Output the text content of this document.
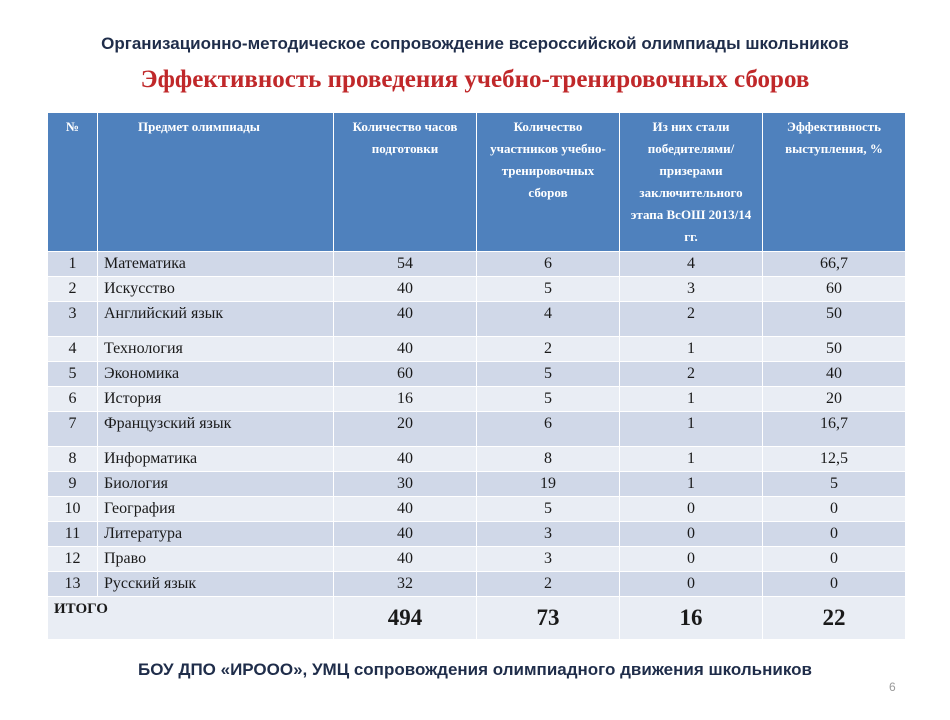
Организационно-методическое сопровождение всероссийской олимпиады школьников
Эффективность проведения учебно-тренировочных сборов
№	Предмет олимпиады	Количество часов подготовки	Количество участников учебно-тренировочных сборов	Из них стали победителями/ призерами заключительного этапа ВсОШ 2013/14 гг.	Эффективность выступления, %
1	Математика	54	6	4	66,7
2	Искусство	40	5	3	60
3	Английский язык	40	4	2	50
4	Технология	40	2	1	50
5	Экономика	60	5	2	40
6	История	16	5	1	20
7	Французский язык	20	6	1	16,7
8	Информатика	40	8	1	12,5
9	Биология	30	19	1	5
10	География	40	5	0	0
11	Литература	40	3	0	0
12	Право	40	3	0	0
13	Русский язык	32	2	0	0
ИТОГО		494	73	16	22
БОУ ДПО «ИРООО», УМЦ сопровождения олимпиадного движения школьников
6
